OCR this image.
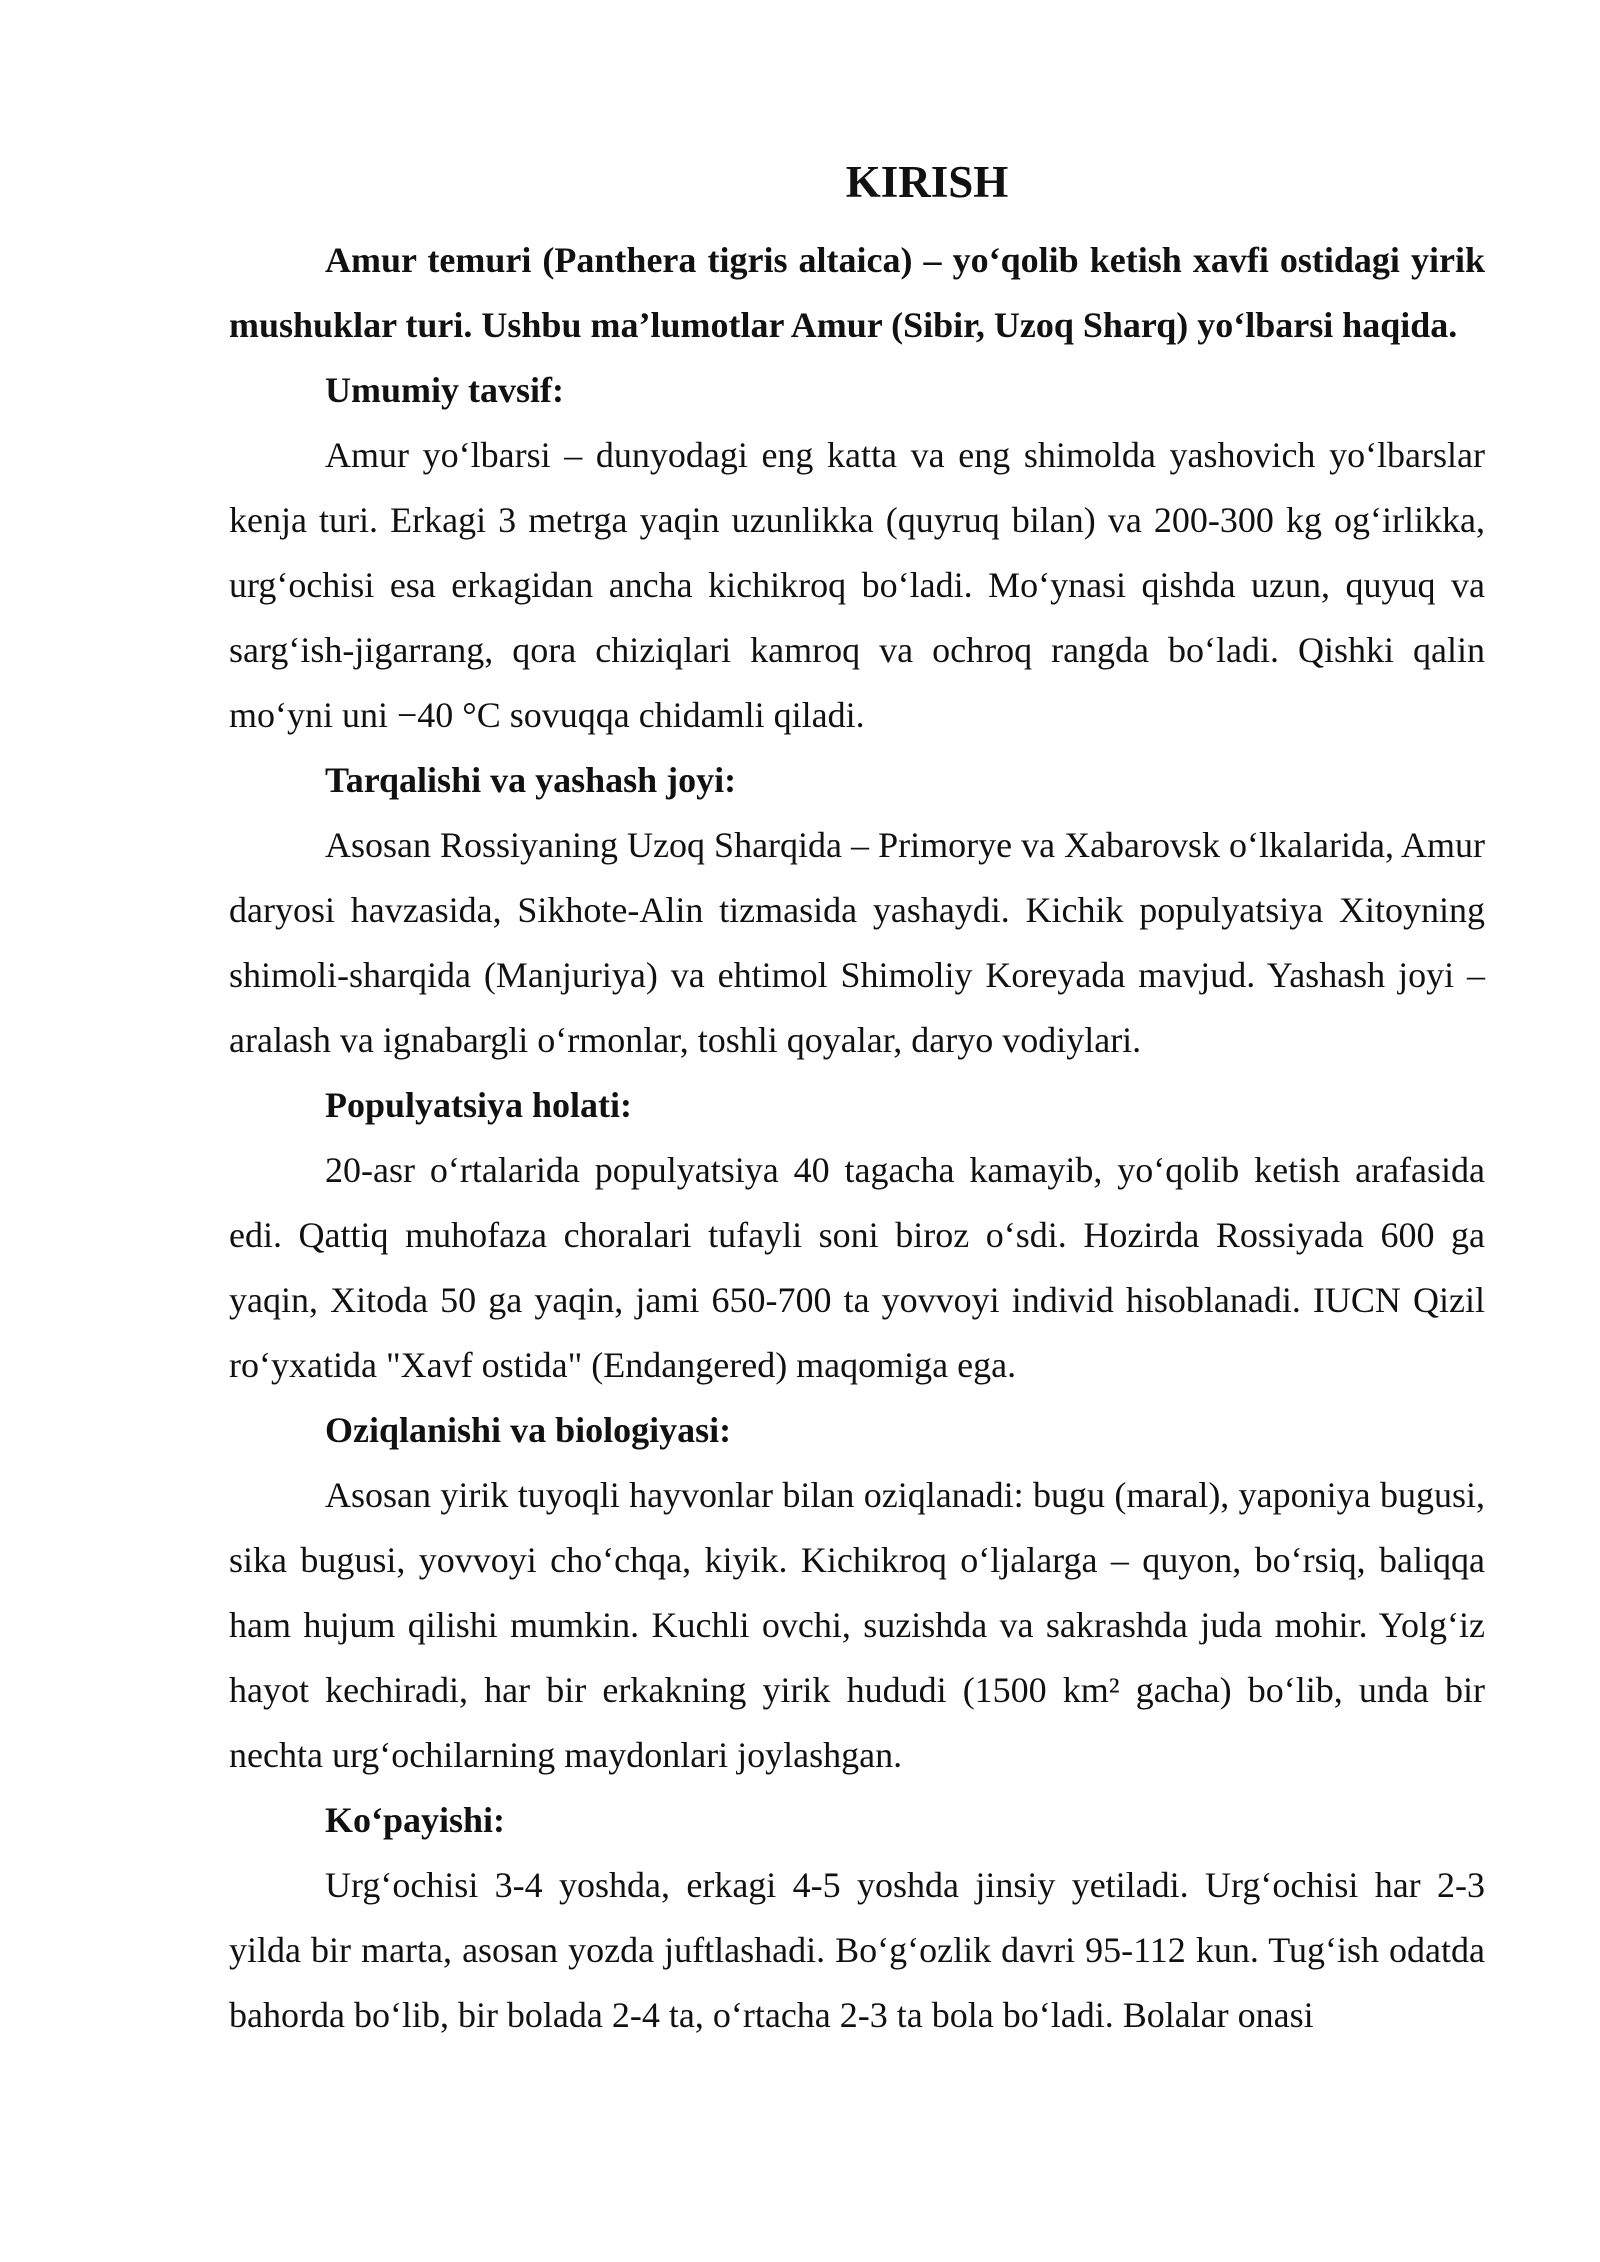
KIRISH

Amur temuri (Panthera tigris altaica) – yo‘qolib ketish xavfi ostidagi yirik mushuklar turi. Ushbu ma’lumotlar Amur (Sibir, Uzoq Sharq) yo‘lbarsi haqida.

Umumiy tavsif:

Amur yo‘lbarsi – dunyodagi eng katta va eng shimolda yashovich yo‘lbarslar kenja turi. Erkagi 3 metrga yaqin uzunlikka (quyruq bilan) va 200-300 kg og‘irlikka, urg‘ochisi esa erkagidan ancha kichikroq bo‘ladi. Mo‘ynasi qishda uzun, quyuq va sarg‘ish-jigarrang, qora chiziqlari kamroq va ochroq rangda bo‘ladi. Qishki qalin mo‘yni uni −40 °C sovuqqa chidamli qiladi.

Tarqalishi va yashash joyi:

Asosan Rossiyaning Uzoq Sharqida – Primorye va Xabarovsk o‘lkalarida, Amur daryosi havzasida, Sikhote-Alin tizmasida yashaydi. Kichik populyatsiya Xitoyning shimoli-sharqida (Manjuriya) va ehtimol Shimoliy Koreyada mavjud. Yashash joyi – aralash va ignabargli o‘rmonlar, toshli qoyalar, daryo vodiylari.

Populyatsiya holati:

20-asr o‘rtalarida populyatsiya 40 tagacha kamayib, yo‘qolib ketish arafasida edi. Qattiq muhofaza choralari tufayli soni biroz o‘sdi. Hozirda Rossiyada 600 ga yaqin, Xitoda 50 ga yaqin, jami 650-700 ta yovvoyi individ hisoblanadi. IUCN Qizil ro‘yxatida "Xavf ostida" (Endangered) maqomiga ega.

Oziqlanishi va biologiyasi:

Asosan yirik tuyoqli hayvonlar bilan oziqlanadi: bugu (maral), yaponiya bugusi, sika bugusi, yovvoyi cho‘chqa, kiyik. Kichikroq o‘ljalarga – quyon, bo‘rsiq, baliqqa ham hujum qilishi mumkin. Kuchli ovchi, suzishda va sakrashda juda mohir. Yolg‘iz hayot kechiradi, har bir erkakning yirik hududi (1500 km² gacha) bo‘lib, unda bir nechta urg‘ochilarning maydonlari joylashgan.

Ko‘payishi:

Urg‘ochisi 3-4 yoshda, erkagi 4-5 yoshda jinsiy yetiladi. Urg‘ochisi har 2-3 yilda bir marta, asosan yozda juftlashadi. Bo‘g‘ozlik davri 95-112 kun. Tug‘ish odatda bahorda bo‘lib, bir bolada 2-4 ta, o‘rtacha 2-3 ta bola bo‘ladi. Bolalar onasi
